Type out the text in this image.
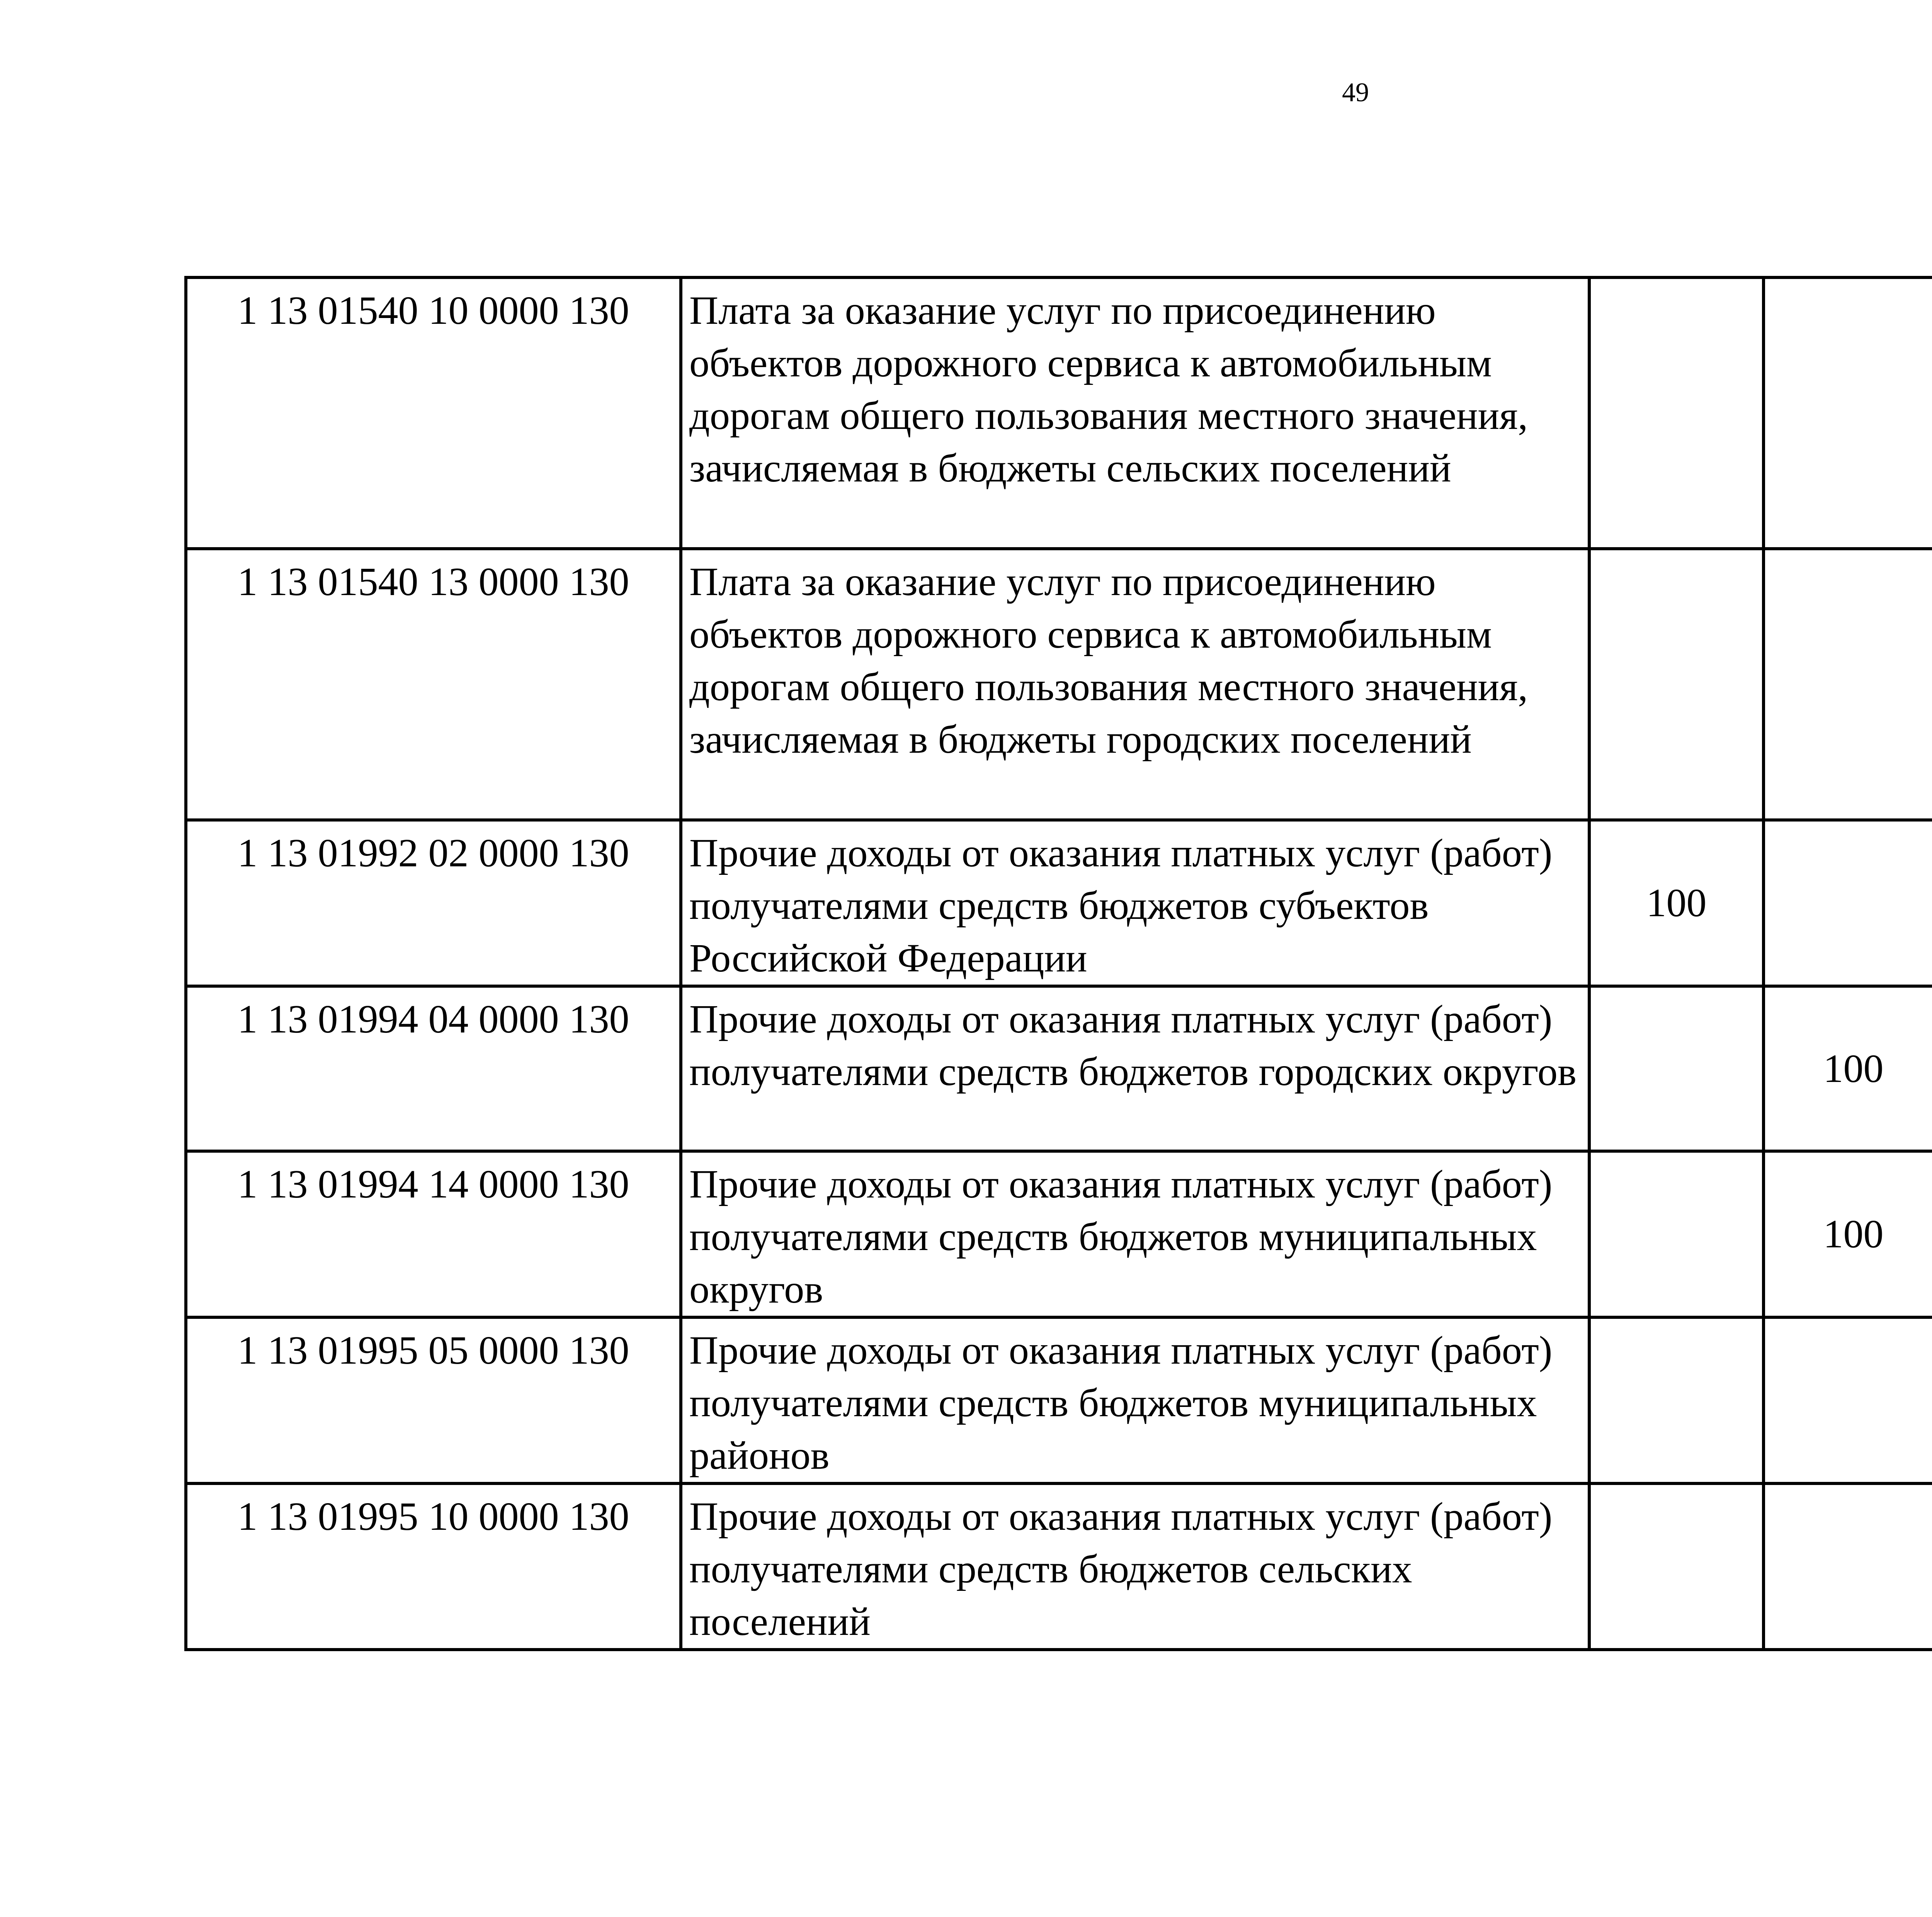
49
1 13 01540 10 0000 130	Плата за оказание услуг по присоединению объектов дорожного сервиса к автомобильным дорогам общего пользования местного значения, зачисляемая в бюджеты сельских поселений					
1 13 01540 13 0000 130	Плата за оказание услуг по присоединению объектов дорожного сервиса к автомобильным дорогам общего пользования местного значения, зачисляемая в бюджеты городских поселений					
1 13 01992 02 0000 130	Прочие доходы от оказания платных услуг (работ) получателями средств бюджетов субъектов Российской Федерации	100				
1 13 01994 04 0000 130	Прочие доходы от оказания платных услуг (работ) получателями средств бюджетов городских округов		100			
1 13 01994 14 0000 130	Прочие доходы от оказания платных услуг (работ) получателями средств бюджетов муниципальных округов		100			
1 13 01995 05 0000 130	Прочие доходы от оказания платных услуг (работ) получателями средств бюджетов муниципальных районов					
1 13 01995 10 0000 130	Прочие доходы от оказания платных услуг (работ) получателями средств бюджетов сельских поселений					
